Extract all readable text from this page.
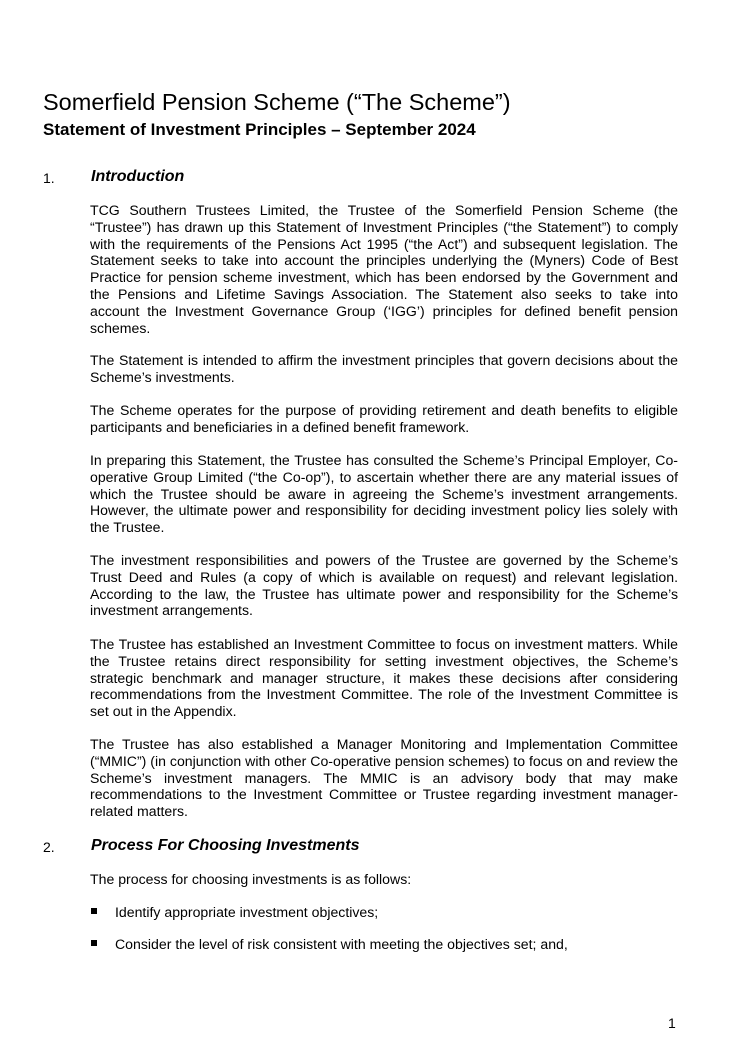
Somerfield Pension Scheme (“The Scheme”)
Statement of Investment Principles – September 2024
1. Introduction
TCG Southern Trustees Limited, the Trustee of the Somerfield Pension Scheme (the “Trustee”) has drawn up this Statement of Investment Principles (“the Statement”) to comply with the requirements of the Pensions Act 1995 (“the Act”) and subsequent legislation. The Statement seeks to take into account the principles underlying the (Myners) Code of Best Practice for pension scheme investment, which has been endorsed by the Government and the Pensions and Lifetime Savings Association. The Statement also seeks to take into account the Investment Governance Group (‘IGG’) principles for defined benefit pension schemes.
The Statement is intended to affirm the investment principles that govern decisions about the Scheme’s investments.
The Scheme operates for the purpose of providing retirement and death benefits to eligible participants and beneficiaries in a defined benefit framework.
In preparing this Statement, the Trustee has consulted the Scheme’s Principal Employer, Co-operative Group Limited (“the Co-op”), to ascertain whether there are any material issues of which the Trustee should be aware in agreeing the Scheme’s investment arrangements. However, the ultimate power and responsibility for deciding investment policy lies solely with the Trustee.
The investment responsibilities and powers of the Trustee are governed by the Scheme’s Trust Deed and Rules (a copy of which is available on request) and relevant legislation. According to the law, the Trustee has ultimate power and responsibility for the Scheme’s investment arrangements.
The Trustee has established an Investment Committee to focus on investment matters. While the Trustee retains direct responsibility for setting investment objectives, the Scheme’s strategic benchmark and manager structure, it makes these decisions after considering recommendations from the Investment Committee. The role of the Investment Committee is set out in the Appendix.
The Trustee has also established a Manager Monitoring and Implementation Committee (“MMIC”) (in conjunction with other Co-operative pension schemes) to focus on and review the Scheme’s investment managers. The MMIC is an advisory body that may make recommendations to the Investment Committee or Trustee regarding investment manager-related matters.
2. Process For Choosing Investments
The process for choosing investments is as follows:
Identify appropriate investment objectives;
Consider the level of risk consistent with meeting the objectives set; and,
1
